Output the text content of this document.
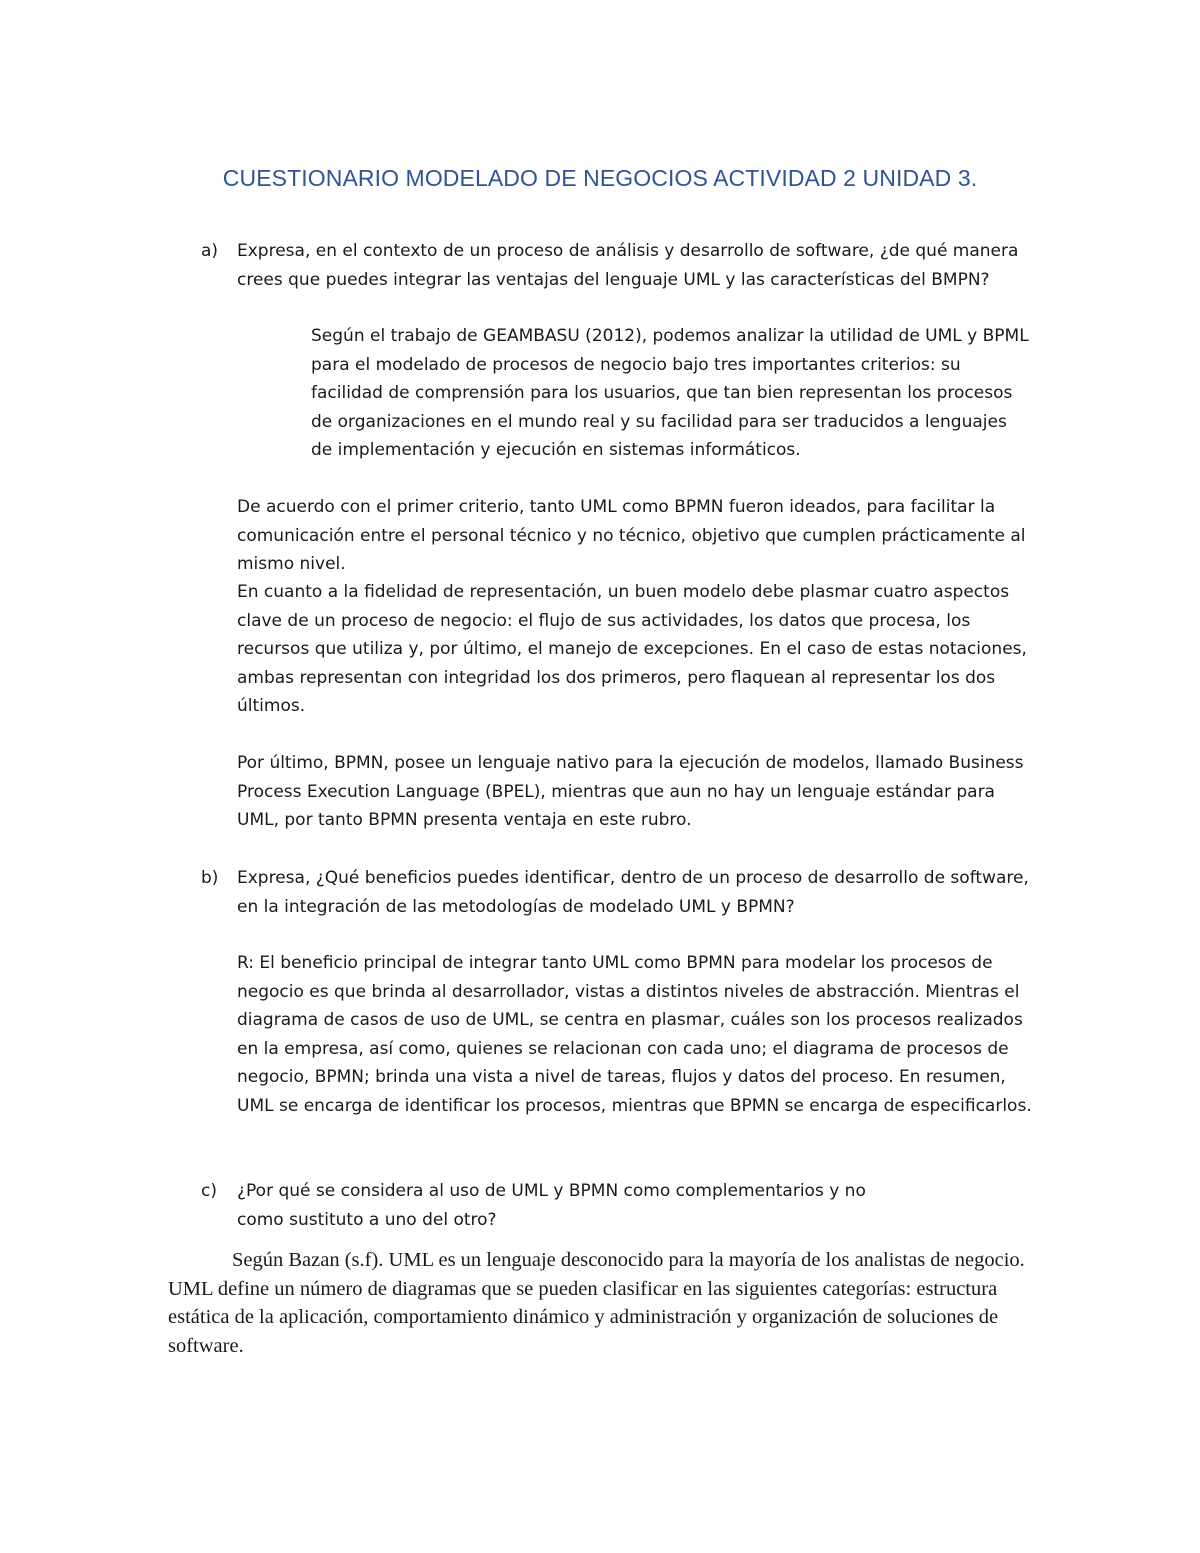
CUESTIONARIO MODELADO DE NEGOCIOS ACTIVIDAD 2 UNIDAD 3.
a) Expresa, en el contexto de un proceso de análisis y desarrollo de software, ¿de qué manera crees que puedes integrar las ventajas del lenguaje UML y las características del BMPN?

Según el trabajo de GEAMBASU (2012), podemos analizar la utilidad de UML y BPML para el modelado de procesos de negocio bajo tres importantes criterios: su facilidad de comprensión para los usuarios, que tan bien representan los procesos de organizaciones en el mundo real y su facilidad para ser traducidos a lenguajes de implementación y ejecución en sistemas informáticos.

De acuerdo con el primer criterio, tanto UML como BPMN fueron ideados, para facilitar la comunicación entre el personal técnico y no técnico, objetivo que cumplen prácticamente al mismo nivel.

En cuanto a la fidelidad de representación, un buen modelo debe plasmar cuatro aspectos clave de un proceso de negocio: el flujo de sus actividades, los datos que procesa, los recursos que utiliza y, por último, el manejo de excepciones. En el caso de estas notaciones, ambas representan con integridad los dos primeros, pero flaquean al representar los dos últimos.

Por último, BPMN, posee un lenguaje nativo para la ejecución de modelos, llamado Business Process Execution Language (BPEL), mientras que aun no hay un lenguaje estándar para UML, por tanto BPMN presenta ventaja en este rubro.

b) Expresa, ¿Qué beneficios puedes identificar, dentro de un proceso de desarrollo de software, en la integración de las metodologías de modelado UML y BPMN?

R: El beneficio principal de integrar tanto UML como BPMN para modelar los procesos de negocio es que brinda al desarrollador, vistas a distintos niveles de abstracción. Mientras el diagrama de casos de uso de UML, se centra en plasmar, cuáles son los procesos realizados en la empresa, así como, quienes se relacionan con cada uno; el diagrama de procesos de negocio, BPMN; brinda una vista a nivel de tareas, flujos y datos del proceso. En resumen, UML se encarga de identificar los procesos, mientras que BPMN se encarga de especificarlos.

c) ¿Por qué se considera al uso de UML y BPMN como complementarios y no
como sustituto a uno del otro?

Según Bazan (s.f). UML es un lenguaje desconocido para la mayoría de los analistas de negocio. UML define un número de diagramas que se pueden clasificar en las siguientes categorías: estructura estática de la aplicación, comportamiento dinámico y administración y organización de soluciones de software.
